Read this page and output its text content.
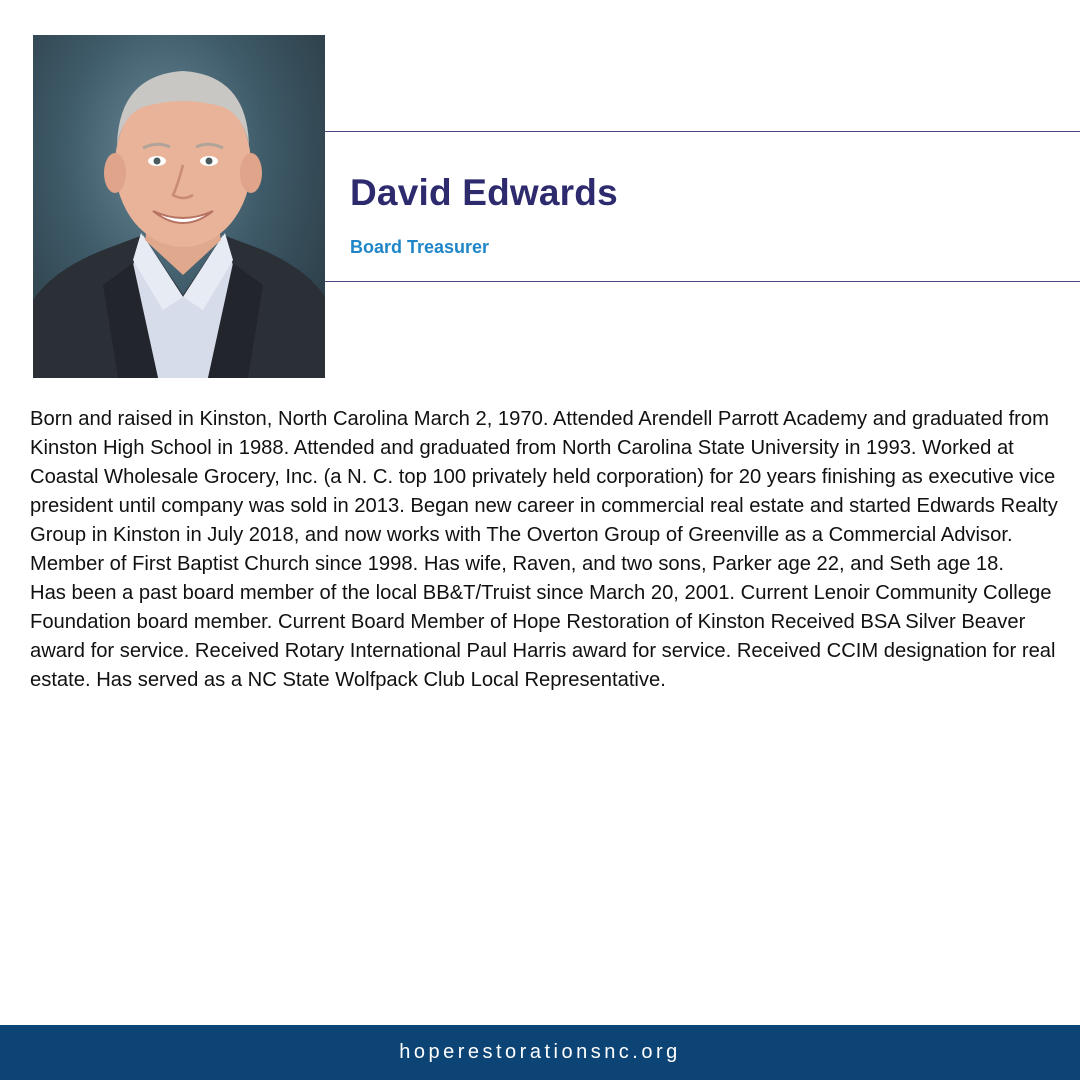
David Edwards
Board Treasurer

Born and raised in Kinston, North Carolina March 2, 1970. Attended Arendell Parrott Academy and graduated from Kinston High School in 1988. Attended and graduated from North Carolina State University in 1993. Worked at Coastal Wholesale Grocery, Inc. (a N. C. top 100 privately held corporation) for 20 years finishing as executive vice president until company was sold in 2013. Began new career in commercial real estate and started Edwards Realty Group in Kinston in July 2018, and now works with The Overton Group of Greenville as a Commercial Advisor. Member of First Baptist Church since 1998. Has wife, Raven, and two sons, Parker age 22, and Seth age 18.

Has been a past board member of the local BB&T/Truist since March 20, 2001. Current Lenoir Community College Foundation board member. Current Board Member of Hope Restoration of Kinston Received BSA Silver Beaver award for service. Received Rotary International Paul Harris award for service. Received CCIM designation for real estate. Has served as a NC State Wolfpack Club Local Representative.

hoperestorationsnc.org
